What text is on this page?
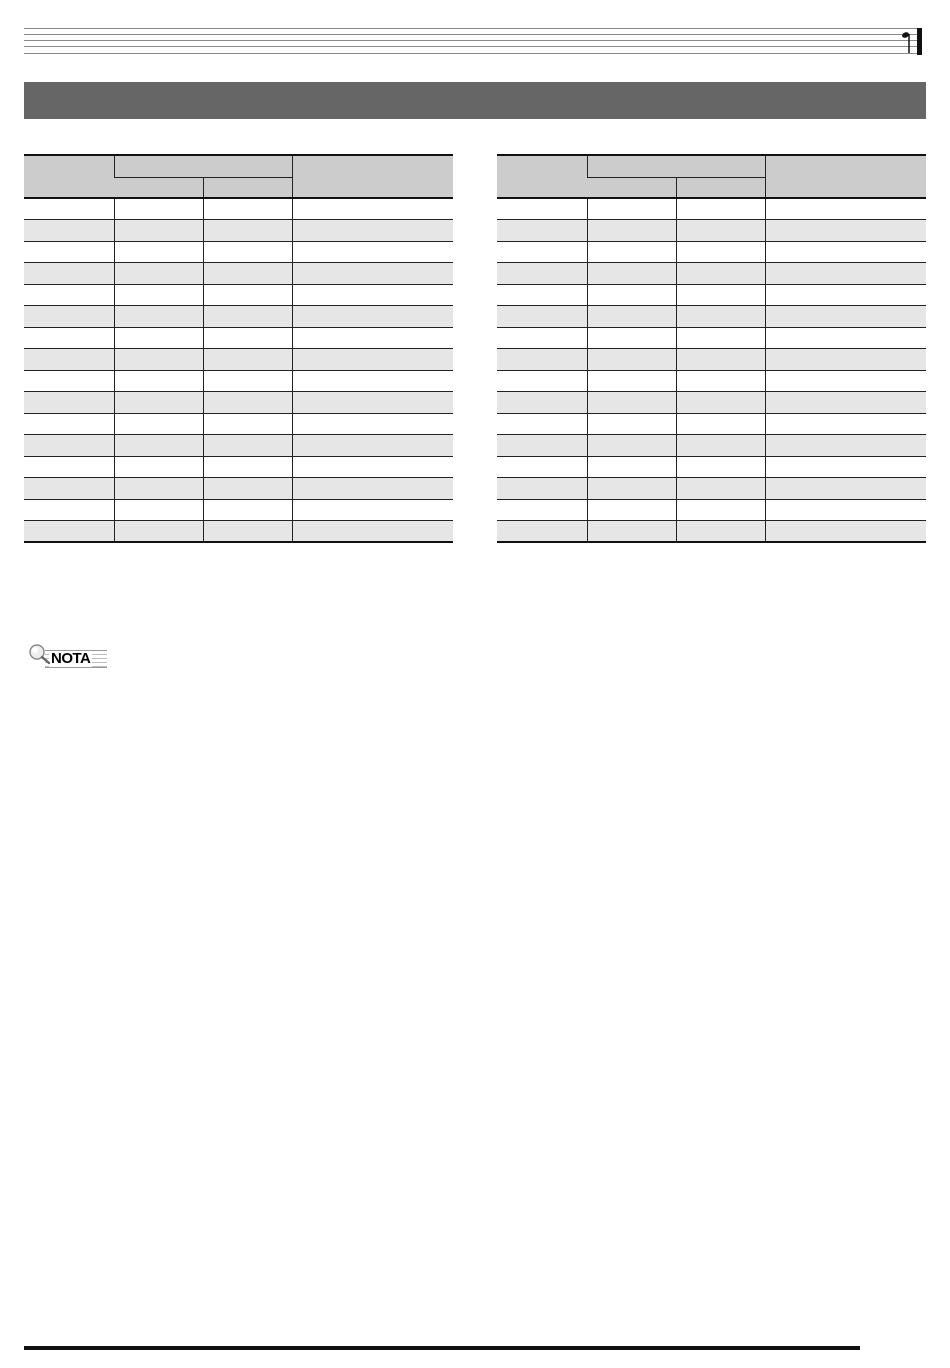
NOTA
